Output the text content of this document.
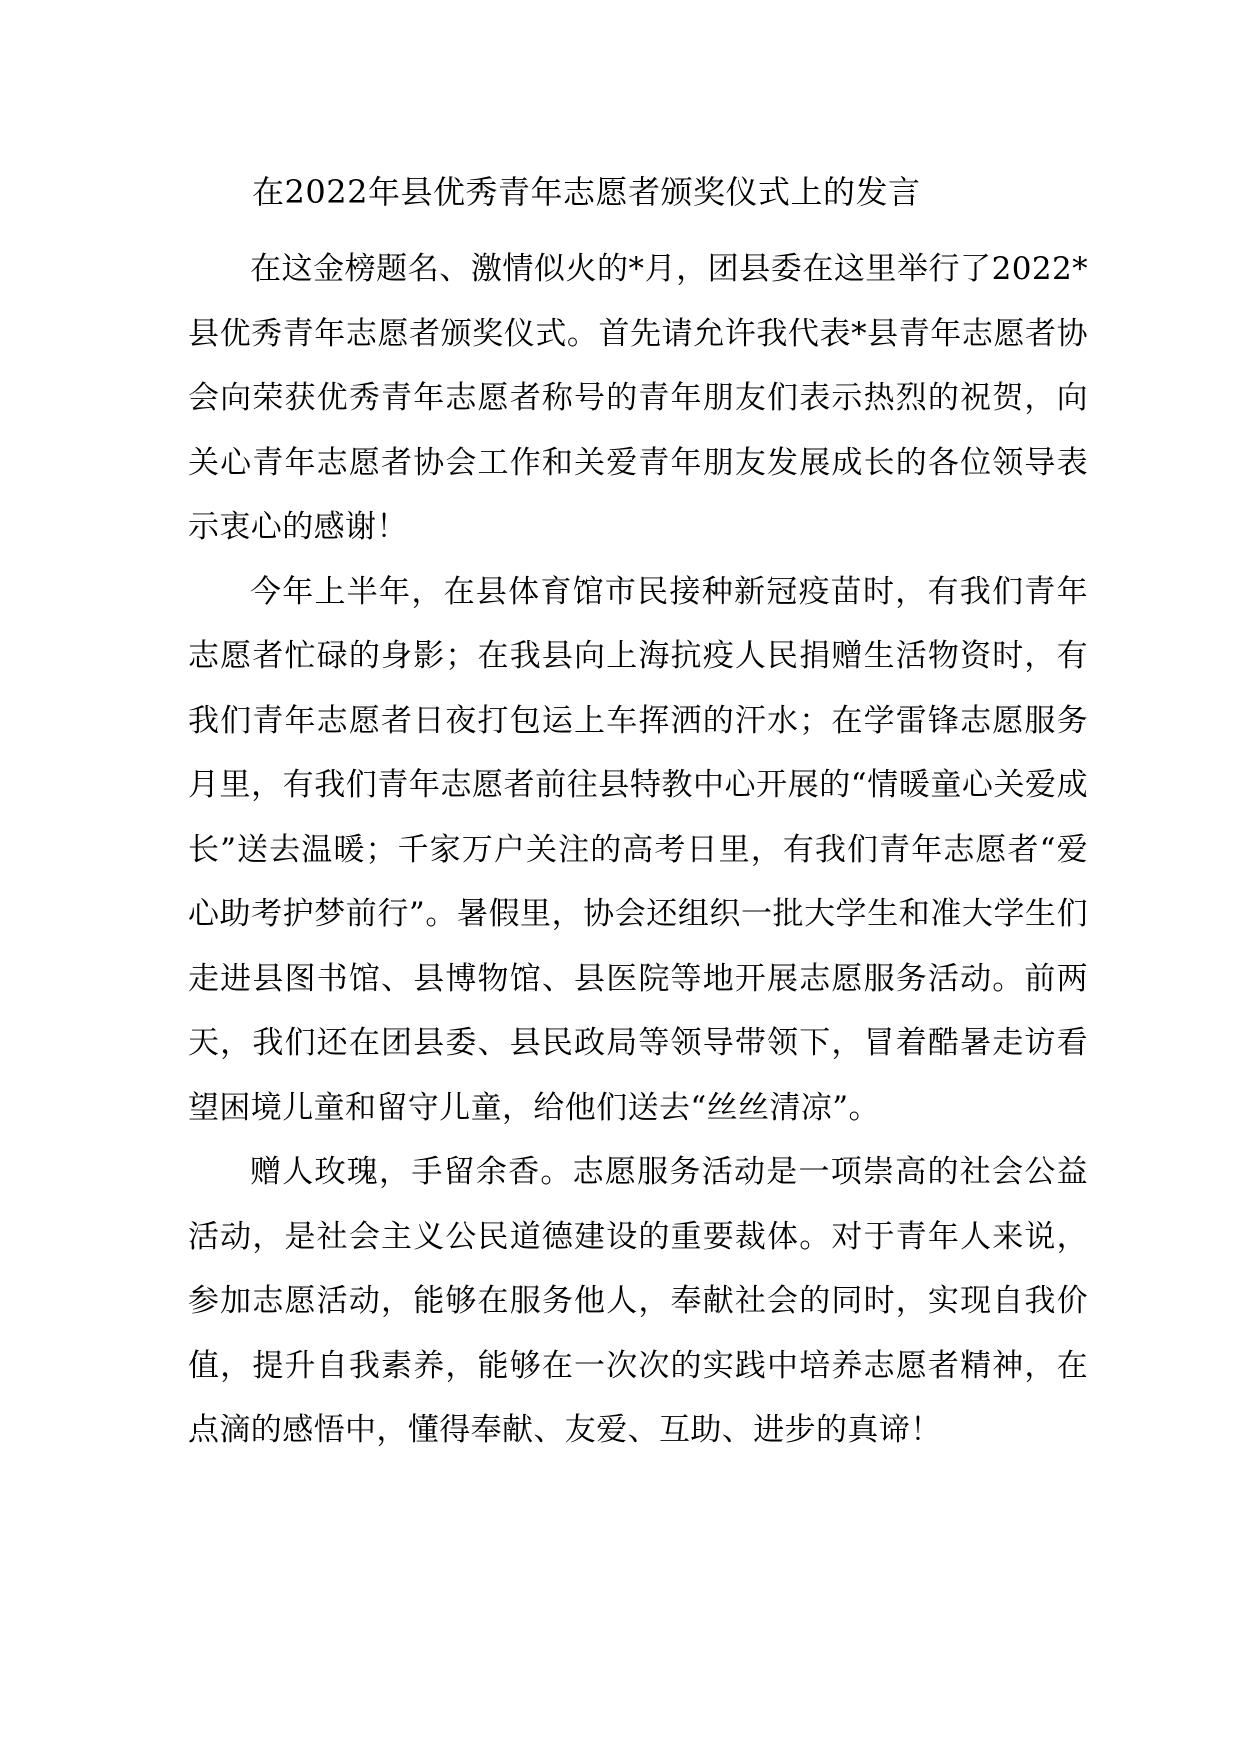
在2022年县优秀青年志愿者颁奖仪式上的发言

在这金榜题名、激情似火的*月，团县委在这里举行了2022*县优秀青年志愿者颁奖仪式。首先请允许我代表*县青年志愿者协会向荣获优秀青年志愿者称号的青年朋友们表示热烈的祝贺，向关心青年志愿者协会工作和关爱青年朋友发展成长的各位领导表示衷心的感谢！

今年上半年，在县体育馆市民接种新冠疫苗时，有我们青年志愿者忙碌的身影；在我县向上海抗疫人民捐赠生活物资时，有我们青年志愿者日夜打包运上车挥洒的汗水；在学雷锋志愿服务月里，有我们青年志愿者前往县特教中心开展的“情暖童心关爱成长”送去温暖；千家万户关注的高考日里，有我们青年志愿者“爱心助考护梦前行”。暑假里，协会还组织一批大学生和准大学生们走进县图书馆、县博物馆、县医院等地开展志愿服务活动。前两天，我们还在团县委、县民政局等领导带领下，冒着酷暑走访看望困境儿童和留守儿童，给他们送去“丝丝清凉”。

赠人玫瑰，手留余香。志愿服务活动是一项崇高的社会公益活动，是社会主义公民道德建设的重要裁体。对于青年人来说，参加志愿活动，能够在服务他人，奉献社会的同时，实现自我价值，提升自我素养，能够在一次次的实践中培养志愿者精神，在点滴的感悟中，懂得奉献、友爱、互助、进步的真谛！
